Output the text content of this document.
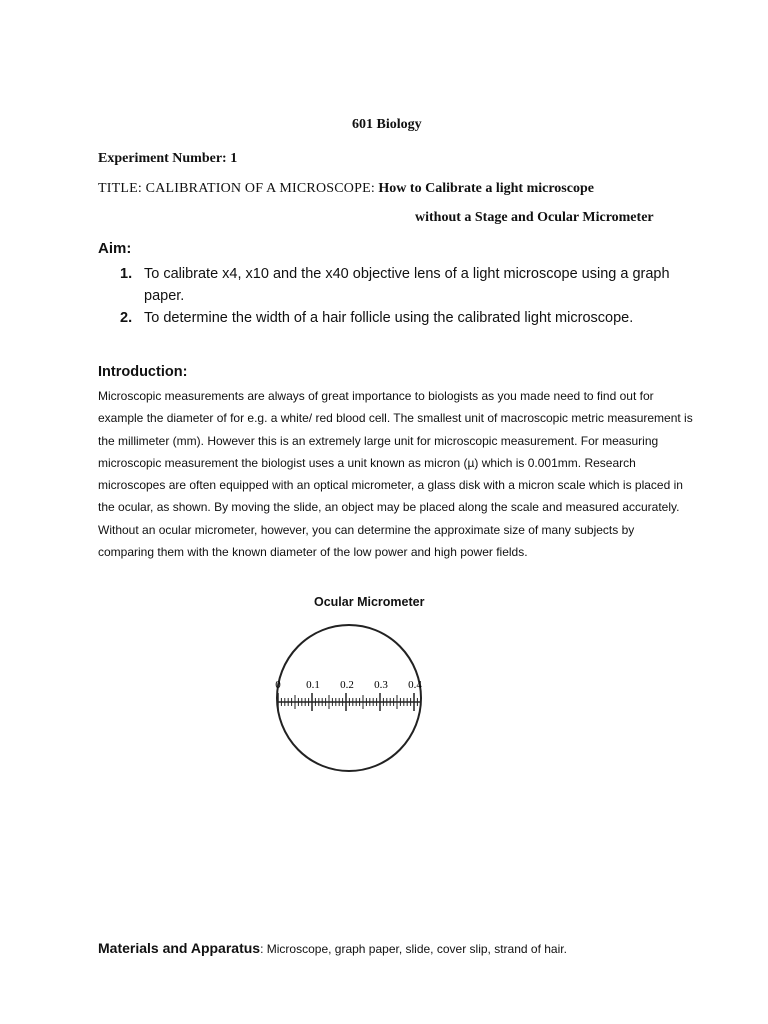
601 Biology
Experiment Number: 1
TITLE: CALIBRATION OF A MICROSCOPE: How to Calibrate a light microscope
without a Stage and Ocular Micrometer
Aim:
1. To calibrate x4, x10 and the x40 objective lens of a light microscope using a graph paper.
2. To determine the width of a hair follicle using the calibrated light microscope.
Introduction:
Microscopic measurements are always of great importance to biologists as you made need to find out for example the diameter of for e.g. a white/ red blood cell. The smallest unit of macroscopic metric measurement is the millimeter (mm). However this is an extremely large unit for microscopic measurement. For measuring microscopic measurement the biologist uses a unit known as micron (µ) which is 0.001mm. Research microscopes are often equipped with an optical micrometer, a glass disk with a micron scale which is placed in the ocular, as shown. By moving the slide, an object may be placed along the scale and measured accurately. Without an ocular micrometer, however, you can determine the approximate size of many subjects by comparing them with the known diameter of the low power and high power fields.
Ocular Micrometer
0 0.1 0.2 0.3 0.4
Materials and Apparatus: Microscope, graph paper, slide, cover slip, strand of hair.
